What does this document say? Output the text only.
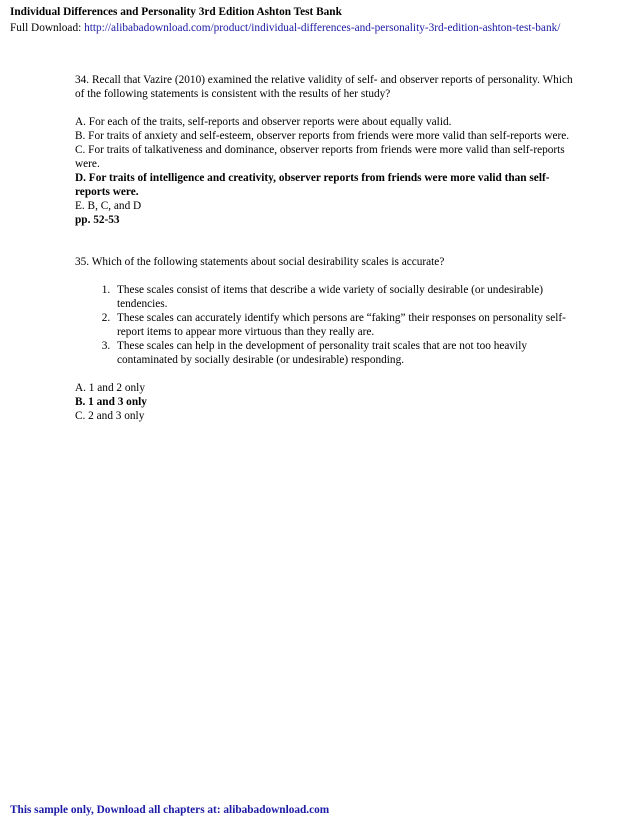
Individual Differences and Personality 3rd Edition Ashton Test Bank
Full Download: http://alibabadownload.com/product/individual-differences-and-personality-3rd-edition-ashton-test-bank/

34. Recall that Vazire (2010) examined the relative validity of self- and observer reports of personality. Which of the following statements is consistent with the results of her study?

A. For each of the traits, self-reports and observer reports were about equally valid.

B. For traits of anxiety and self-esteem, observer reports from friends were more valid than self-reports were.

C. For traits of talkativeness and dominance, observer reports from friends were more valid than self-reports were.

D. For traits of intelligence and creativity, observer reports from friends were more valid than self-reports were.

E. B, C, and D

pp. 52-53

35. Which of the following statements about social desirability scales is accurate?

1. These scales consist of items that describe a wide variety of socially desirable (or undesirable) tendencies.
2. These scales can accurately identify which persons are “faking” their responses on personality self-report items to appear more virtuous than they really are.
3. These scales can help in the development of personality trait scales that are not too heavily contaminated by socially desirable (or undesirable) responding.

A. 1 and 2 only

B. 1 and 3 only

C. 2 and 3 only

This sample only, Download all chapters at: alibabadownload.com
